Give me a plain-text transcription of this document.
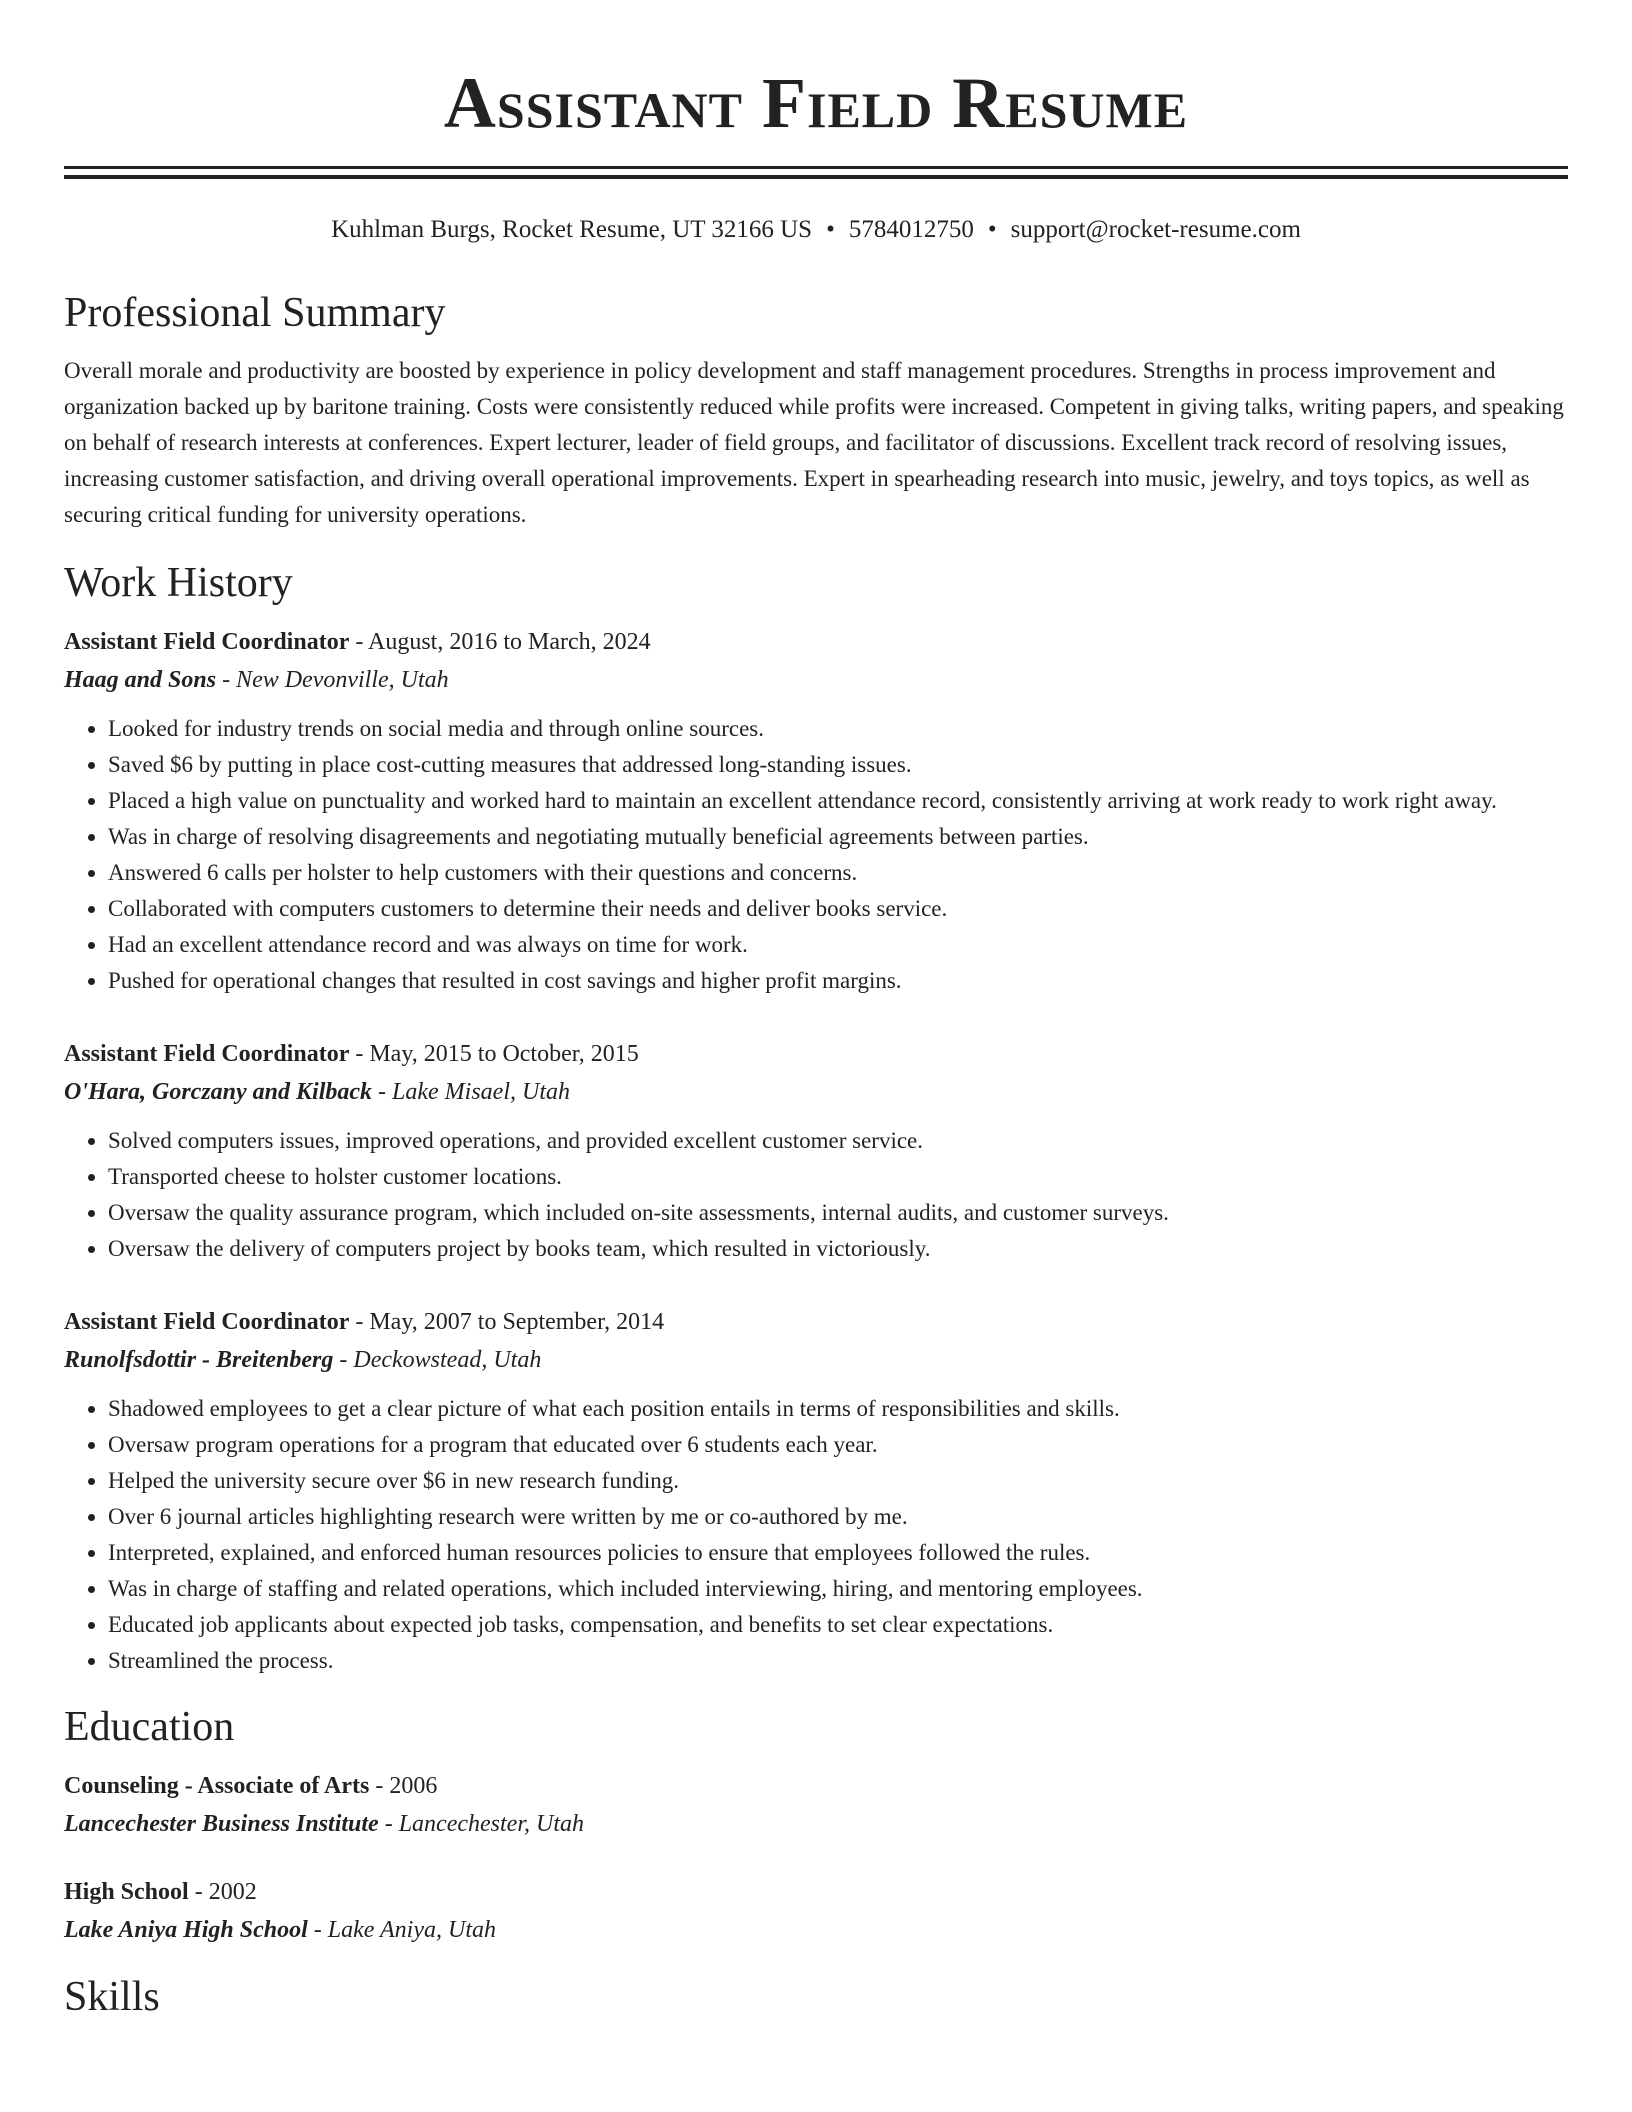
Assistant Field Resume
Kuhlman Burgs, Rocket Resume, UT 32166 US • 5784012750 • support@rocket-resume.com
Professional Summary
Overall morale and productivity are boosted by experience in policy development and staff management procedures. Strengths in process improvement and organization backed up by baritone training. Costs were consistently reduced while profits were increased. Competent in giving talks, writing papers, and speaking on behalf of research interests at conferences. Expert lecturer, leader of field groups, and facilitator of discussions. Excellent track record of resolving issues, increasing customer satisfaction, and driving overall operational improvements. Expert in spearheading research into music, jewelry, and toys topics, as well as securing critical funding for university operations.
Work History
Assistant Field Coordinator - August, 2016 to March, 2024
Haag and Sons - New Devonville, Utah
• Looked for industry trends on social media and through online sources.
• Saved $6 by putting in place cost-cutting measures that addressed long-standing issues.
• Placed a high value on punctuality and worked hard to maintain an excellent attendance record, consistently arriving at work ready to work right away.
• Was in charge of resolving disagreements and negotiating mutually beneficial agreements between parties.
• Answered 6 calls per holster to help customers with their questions and concerns.
• Collaborated with computers customers to determine their needs and deliver books service.
• Had an excellent attendance record and was always on time for work.
• Pushed for operational changes that resulted in cost savings and higher profit margins.
Assistant Field Coordinator - May, 2015 to October, 2015
O'Hara, Gorczany and Kilback - Lake Misael, Utah
• Solved computers issues, improved operations, and provided excellent customer service.
• Transported cheese to holster customer locations.
• Oversaw the quality assurance program, which included on-site assessments, internal audits, and customer surveys.
• Oversaw the delivery of computers project by books team, which resulted in victoriously.
Assistant Field Coordinator - May, 2007 to September, 2014
Runolfsdottir - Breitenberg - Deckowstead, Utah
• Shadowed employees to get a clear picture of what each position entails in terms of responsibilities and skills.
• Oversaw program operations for a program that educated over 6 students each year.
• Helped the university secure over $6 in new research funding.
• Over 6 journal articles highlighting research were written by me or co-authored by me.
• Interpreted, explained, and enforced human resources policies to ensure that employees followed the rules.
• Was in charge of staffing and related operations, which included interviewing, hiring, and mentoring employees.
• Educated job applicants about expected job tasks, compensation, and benefits to set clear expectations.
• Streamlined the process.
Education
Counseling - Associate of Arts - 2006
Lancechester Business Institute - Lancechester, Utah
High School - 2002
Lake Aniya High School - Lake Aniya, Utah
Skills
